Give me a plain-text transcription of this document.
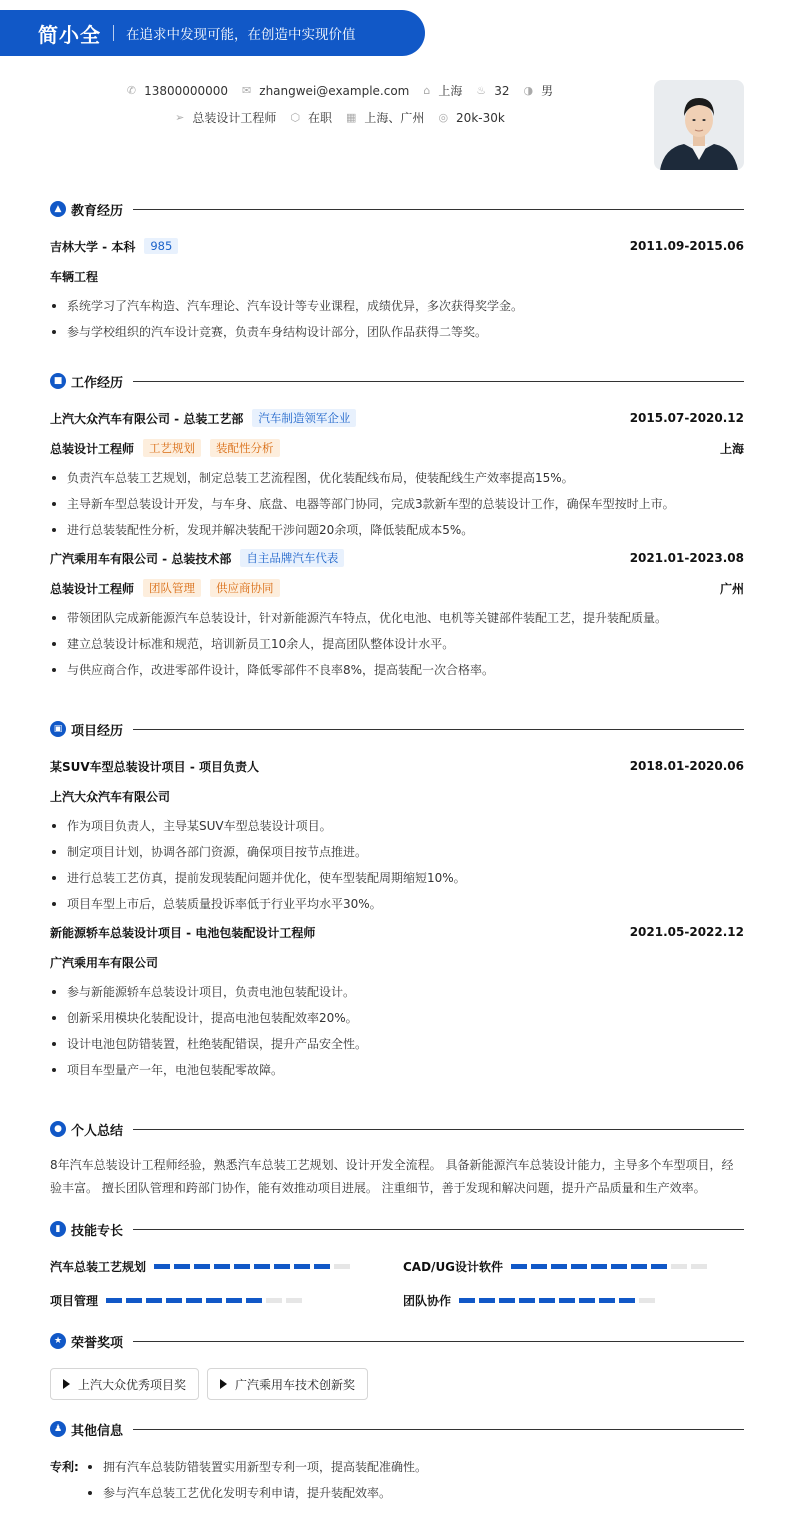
简小全 在追求中发现可能，在创造中实现价值
✆ 13800000000 ✉ zhangwei@example.com ⌂ 上海 ♨ 32 ◑ 男
➢ 总装设计工程师 ⬡ 在职 ▦ 上海、广州 ◎ 20k-30k
▲ 教育经历
吉林大学 - 本科	985	2011.09-2015.06
车辆工程
系统学习了汽车构造、汽车理论、汽车设计等专业课程，成绩优异，多次获得奖学金。
参与学校组织的汽车设计竞赛，负责车身结构设计部分，团队作品获得二等奖。
■ 工作经历
上汽大众汽车有限公司 - 总装工艺部	汽车制造领军企业	2015.07-2020.12
总装设计工程师	工艺规划	装配性分析	上海
负责汽车总装工艺规划，制定总装工艺流程图，优化装配线布局，使装配线生产效率提高15%。
主导新车型总装设计开发，与车身、底盘、电器等部门协同，完成3款新车型的总装设计工作，确保车型按时上市。
进行总装装配性分析，发现并解决装配干涉问题20余项，降低装配成本5%。
广汽乘用车有限公司 - 总装技术部	自主品牌汽车代表	2021.01-2023.08
总装设计工程师	团队管理	供应商协同	广州
带领团队完成新能源汽车总装设计，针对新能源汽车特点，优化电池、电机等关键部件装配工艺，提升装配质量。
建立总装设计标准和规范，培训新员工10余人，提高团队整体设计水平。
与供应商合作，改进零部件设计，降低零部件不良率8%，提高装配一次合格率。
▣ 项目经历
某SUV车型总装设计项目 - 项目负责人	2018.01-2020.06
上汽大众汽车有限公司
作为项目负责人，主导某SUV车型总装设计项目。
制定项目计划，协调各部门资源，确保项目按节点推进。
进行总装工艺仿真，提前发现装配问题并优化，使车型装配周期缩短10%。
项目车型上市后，总装质量投诉率低于行业平均水平30%。
新能源轿车总装设计项目 - 电池包装配设计工程师	2021.05-2022.12
广汽乘用车有限公司
参与新能源轿车总装设计项目，负责电池包装配设计。
创新采用模块化装配设计，提高电池包装配效率20%。
设计电池包防错装置，杜绝装配错误，提升产品安全性。
项目车型量产一年，电池包装配零故障。
● 个人总结

8年汽车总装设计工程师经验，熟悉汽车总装工艺规划、设计开发全流程。 具备新能源汽车总装设计能力，主导多个车型项目，经验丰富。 擅长团队管理和跨部门协作，能有效推动项目进展。 注重细节，善于发现和解决问题，提升产品质量和生产效率。

▮ 技能专长
汽车总装工艺规划	CAD/UG设计软件
项目管理	团队协作
★ 荣誉奖项
上汽大众优秀项目奖	广汽乘用车技术创新奖
♟ 其他信息
专利:	拥有汽车总装防错装置实用新型专利一项，提高装配准确性。
参与汽车总装工艺优化发明专利申请，提升装配效率。
